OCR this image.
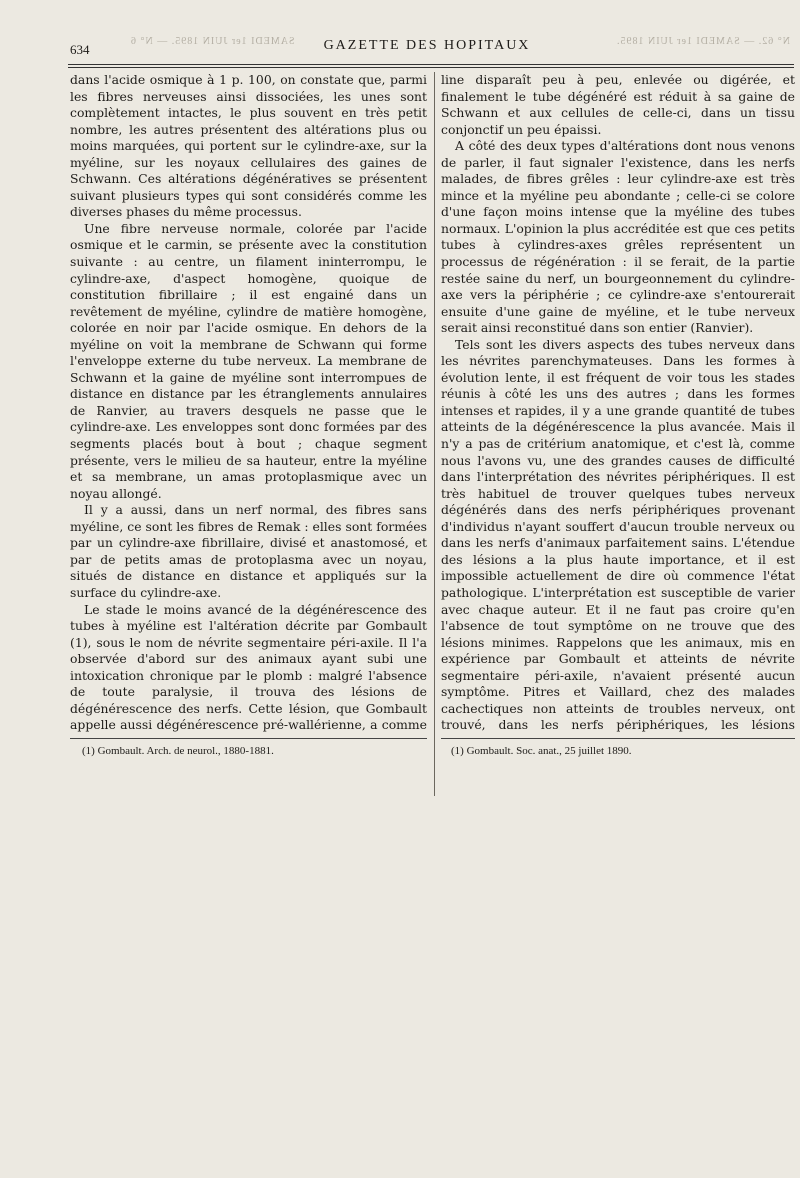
SAMEDI 1er JUIN 1895. — N° 6	N° 62. — SAMEDI 1er JUIN 1895.
634	GAZETTE DES HOPITAUX

dans l'acide osmique à 1 p. 100, on constate que, parmi les fibres nerveuses ainsi dissociées, les unes sont complètement intactes, le plus souvent en très petit nombre, les autres présentent des altérations plus ou moins marquées, qui portent sur le cylindre-axe, sur la myéline, sur les noyaux cellulaires des gaines de Schwann. Ces altérations dégénératives se présentent suivant plusieurs types qui sont considérés comme les diverses phases du même processus.

Une fibre nerveuse normale, colorée par l'acide osmique et le carmin, se présente avec la constitution suivante : au centre, un filament ininterrompu, le cylindre-axe, d'aspect homogène, quoique de constitution fibrillaire ; il est engainé dans un revêtement de myéline, cylindre de matière homogène, colorée en noir par l'acide osmique. En dehors de la myéline on voit la membrane de Schwann qui forme l'enveloppe externe du tube nerveux. La membrane de Schwann et la gaine de myéline sont interrompues de distance en distance par les étranglements annulaires de Ranvier, au travers desquels ne passe que le cylindre-axe. Les enveloppes sont donc formées par des segments placés bout à bout ; chaque segment présente, vers le milieu de sa hauteur, entre la myéline et sa membrane, un amas protoplasmique avec un noyau allongé.

Il y a aussi, dans un nerf normal, des fibres sans myéline, ce sont les fibres de Remak : elles sont formées par un cylindre-axe fibrillaire, divisé et anastomosé, et par de petits amas de protoplasma avec un noyau, situés de distance en distance et appliqués sur la surface du cylindre-axe.

Le stade le moins avancé de la dégénérescence des tubes à myéline est l'altération décrite par Gombault (1), sous le nom de névrite segmentaire péri-axile. Il l'a observée d'abord sur des animaux ayant subi une intoxication chronique par le plomb : malgré l'absence de toute paralysie, il trouva des lésions de dégénérescence des nerfs. Cette lésion, que Gombault appelle aussi dégénérescence pré-wallérienne, a comme

line disparaît peu à peu, enlevée ou digérée, et finalement le tube dégénéré est réduit à sa gaine de Schwann et aux cellules de celle-ci, dans un tissu conjonctif un peu épaissi.

A côté des deux types d'altérations dont nous venons de parler, il faut signaler l'existence, dans les nerfs malades, de fibres grêles : leur cylindre-axe est très mince et la myéline peu abondante ; celle-ci se colore d'une façon moins intense que la myéline des tubes normaux. L'opinion la plus accréditée est que ces petits tubes à cylindres-axes grêles représentent un processus de régénération : il se ferait, de la partie restée saine du nerf, un bourgeonnement du cylindre-axe vers la périphérie ; ce cylindre-axe s'entourerait ensuite d'une gaine de myéline, et le tube nerveux serait ainsi reconstitué dans son entier (Ranvier).

Tels sont les divers aspects des tubes nerveux dans les névrites parenchymateuses. Dans les formes à évolution lente, il est fréquent de voir tous les stades réunis à côté les uns des autres ; dans les formes intenses et rapides, il y a une grande quantité de tubes atteints de la dégénérescence la plus avancée. Mais il n'y a pas de critérium anatomique, et c'est là, comme nous l'avons vu, une des grandes causes de difficulté dans l'interprétation des névrites périphériques. Il est très habituel de trouver quelques tubes nerveux dégénérés dans des nerfs périphériques provenant d'individus n'ayant souffert d'aucun trouble nerveux ou dans les nerfs d'animaux parfaitement sains. L'étendue des lésions a la plus haute importance, et il est impossible actuellement de dire où commence l'état pathologique. L'interprétation est susceptible de varier avec chaque auteur. Et il ne faut pas croire qu'en l'absence de tout symptôme on ne trouve que des lésions minimes. Rappelons que les animaux, mis en expérience par Gombault et atteints de névrite segmentaire péri-axile, n'avaient présenté aucun symptôme. Pitres et Vaillard, chez des malades cachectiques non atteints de troubles nerveux, ont trouvé, dans les nerfs périphériques, les lésions

(1) Gombault. Arch. de neurol., 1880-1881.	(1) Gombault. Soc. anat., 25 juillet 1890.
